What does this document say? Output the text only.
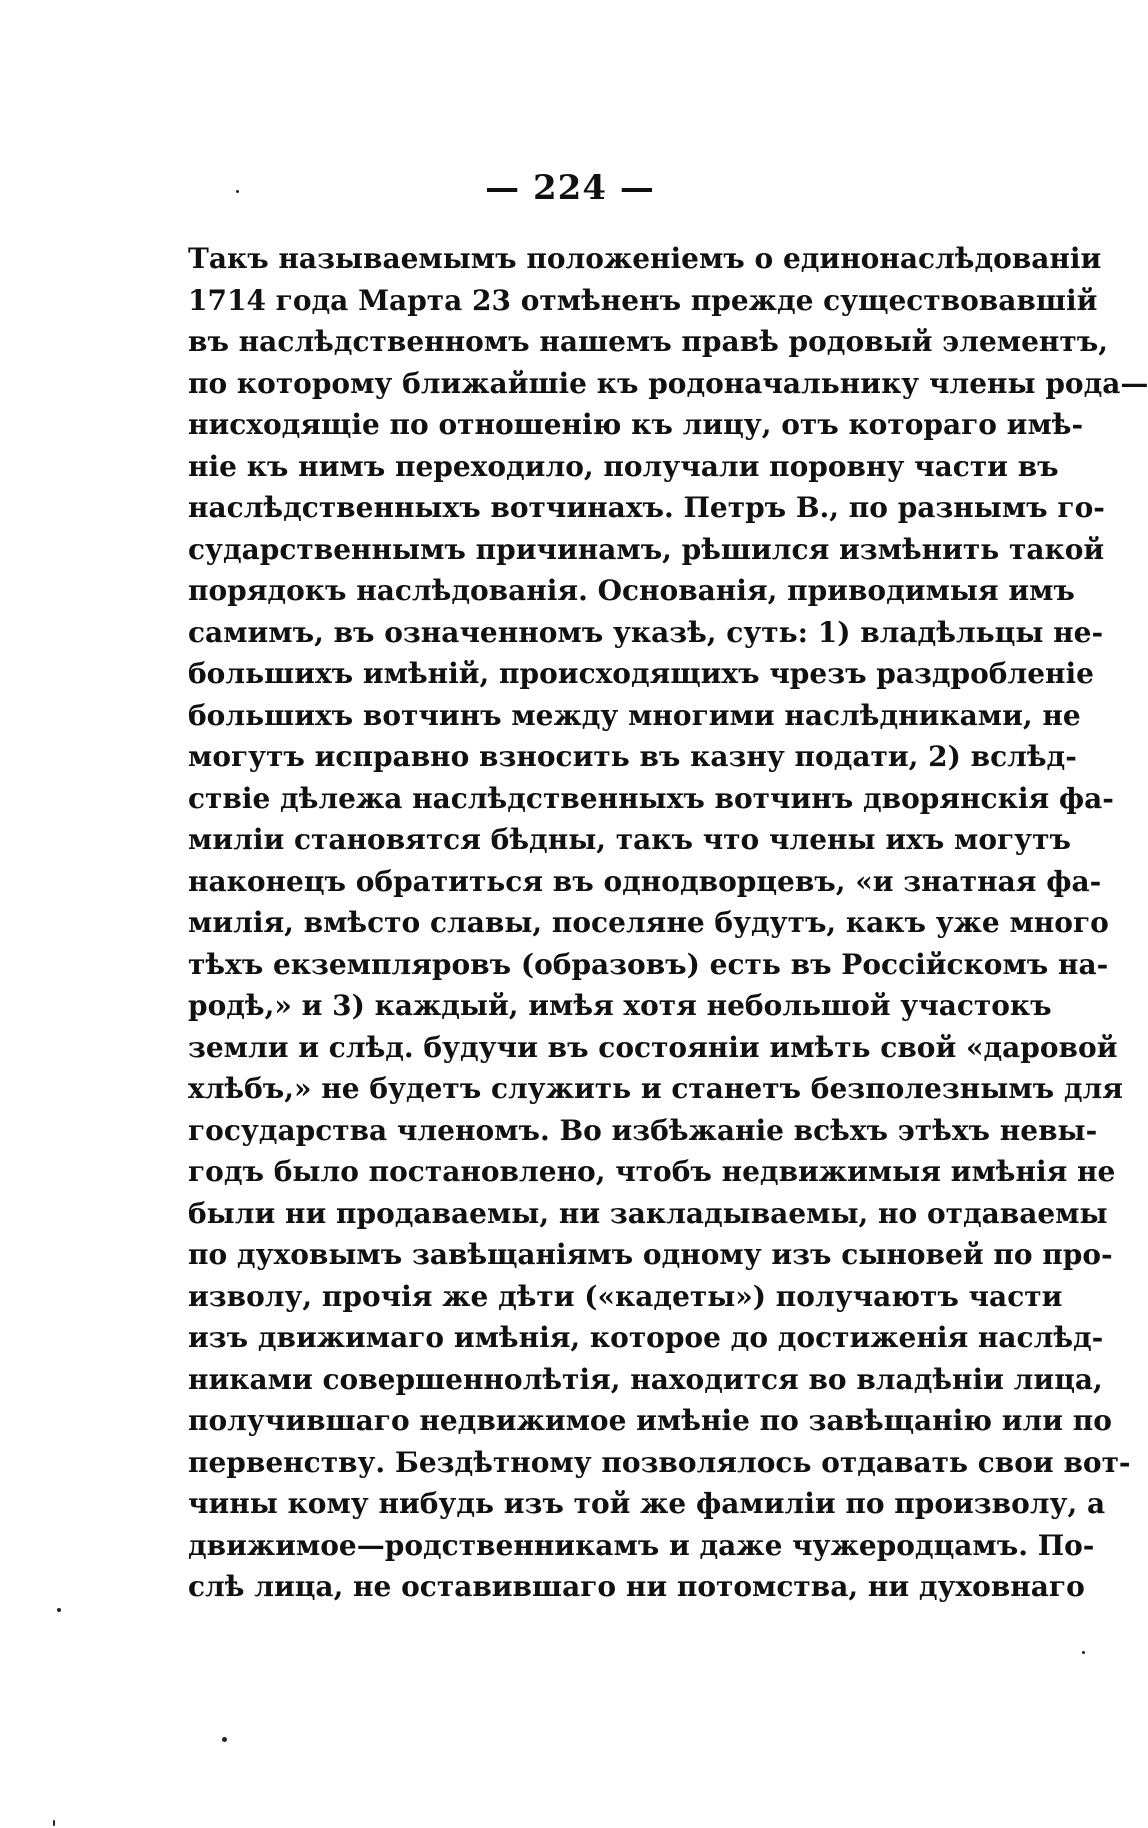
— 224 —
Такъ называемымъ положеніемъ о единонаслѣдованіи
1714 года Марта 23 отмѣненъ прежде существовавшій
въ наслѣдственномъ нашемъ правѣ родовый элементъ,
по которому ближайшіе къ родоначальнику члены рода—
нисходящіе по отношенію къ лицу, отъ котораго имѣ-
ніе къ нимъ переходило, получали поровну части въ
наслѣдственныхъ вотчинахъ. Петръ В., по разнымъ го-
сударственнымъ причинамъ, рѣшился измѣнить такой
порядокъ наслѣдованія. Основанія, приводимыя имъ
самимъ, въ означенномъ указѣ, суть: 1) владѣльцы не-
большихъ имѣній, происходящихъ чрезъ раздробленіе
большихъ вотчинъ между многими наслѣдниками, не
могутъ исправно взносить въ казну подати, 2) вслѣд-
ствіе дѣлежа наслѣдственныхъ вотчинъ дворянскія фа-
миліи становятся бѣдны, такъ что члены ихъ могутъ
наконецъ обратиться въ однодворцевъ, «и знатная фа-
милія, вмѣсто славы, поселяне будутъ, какъ уже много
тѣхъ екземпляровъ (образовъ) есть въ Россійскомъ на-
родѣ,» и 3) каждый, имѣя хотя небольшой участокъ
земли и слѣд. будучи въ состояніи имѣть свой «даровой
хлѣбъ,» не будетъ служить и станетъ безполезнымъ для
государства членомъ. Во избѣжаніе всѣхъ этѣхъ невы-
годъ было постановлено, чтобъ недвижимыя имѣнія не
были ни продаваемы, ни закладываемы, но отдаваемы
по духовымъ завѣщаніямъ одному изъ сыновей по про-
изволу, прочія же дѣти («кадеты») получаютъ части
изъ движимаго имѣнія, которое до достиженія наслѣд-
никами совершеннолѣтія, находится во владѣніи лица,
получившаго недвижимое имѣніе по завѣщанію или по
первенству. Бездѣтному позволялось отдавать свои вот-
чины кому нибудь изъ той же фамиліи по произволу, а
движимое—родственникамъ и даже чужеродцамъ. По-
слѣ лица, не оставившаго ни потомства, ни духовнаго
